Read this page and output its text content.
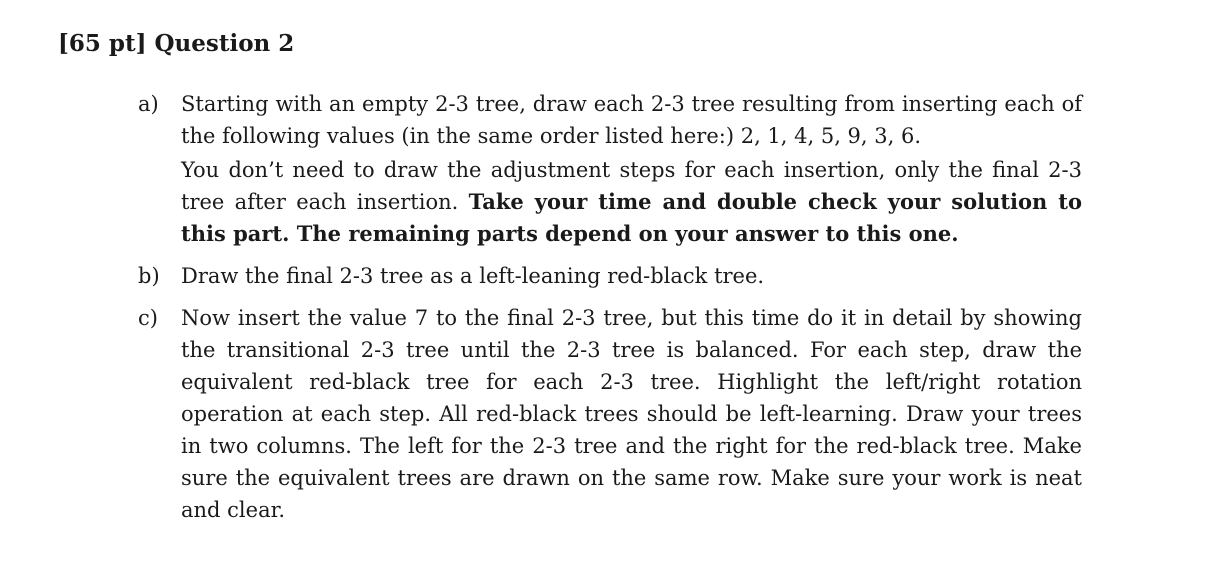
[65 pt] Question 2
a) Starting with an empty 2-3 tree, draw each 2-3 tree resulting from inserting each of the following values (in the same order listed here:) 2, 1, 4, 5, 9, 3, 6.

You don’t need to draw the adjustment steps for each insertion, only the final 2-3 tree after each insertion. Take your time and double check your solution to this part. The remaining parts depend on your answer to this one.

b) Draw the final 2-3 tree as a left-leaning red-black tree.

c) Now insert the value 7 to the final 2-3 tree, but this time do it in detail by showing the transitional 2-3 tree until the 2-3 tree is balanced. For each step, draw the equivalent red-black tree for each 2-3 tree. Highlight the left/right rotation operation at each step. All red-black trees should be left-learning. Draw your trees in two columns. The left for the 2-3 tree and the right for the red-black tree. Make sure the equivalent trees are drawn on the same row. Make sure your work is neat and clear.
